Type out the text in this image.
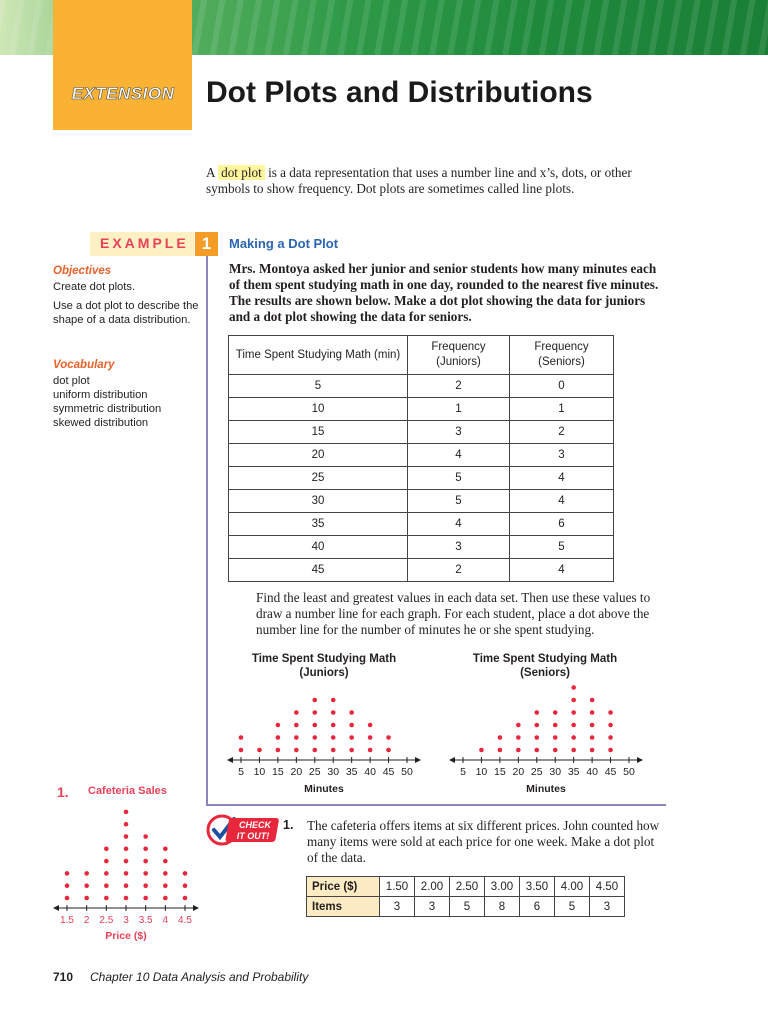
EXTENSION	Dot Plots and Distributions
A dot plot is a data representation that uses a number line and x’s, dots, or other symbols to show frequency. Dot plots are sometimes called line plots.
EXAMPLE 1	Making a Dot Plot
Objectives
Create dot plots.
Use a dot plot to describe the shape of a data distribution.
Vocabulary
dot plot
uniform distribution
symmetric distribution
skewed distribution
Mrs. Montoya asked her junior and senior students how many minutes each of them spent studying math in one day, rounded to the nearest five minutes. The results are shown below. Make a dot plot showing the data for juniors and a dot plot showing the data for seniors.
Time Spent Studying Math (min)	Frequency (Juniors)	Frequency (Seniors)
5	2	0
10	1	1
15	3	2
20	4	3
25	5	4
30	5	4
35	4	6
40	3	5
45	2	4
Find the least and greatest values in each data set. Then use these values to draw a number line for each graph. For each student, place a dot above the number line for the number of minutes he or she spent studying.
Time Spent Studying Math (Juniors)
Time Spent Studying Math (Seniors)
5 10 15 20 25 30 35 40 45 50
Minutes
5 10 15 20 25 30 35 40 45 50
Minutes
1.5 2 2.5 3 3.5 4 4.5
Price ($)
CHECK
IT OUT!
1. The cafeteria offers items at six different prices. John counted how many items were sold at each price for one week. Make a dot plot of the data.
Price ($)	1.50	2.00	2.50	3.00	3.50	4.00	4.50
Items	3	3	5	8	6	5	3
1. Cafeteria Sales
710 Chapter 10 Data Analysis and Probability
